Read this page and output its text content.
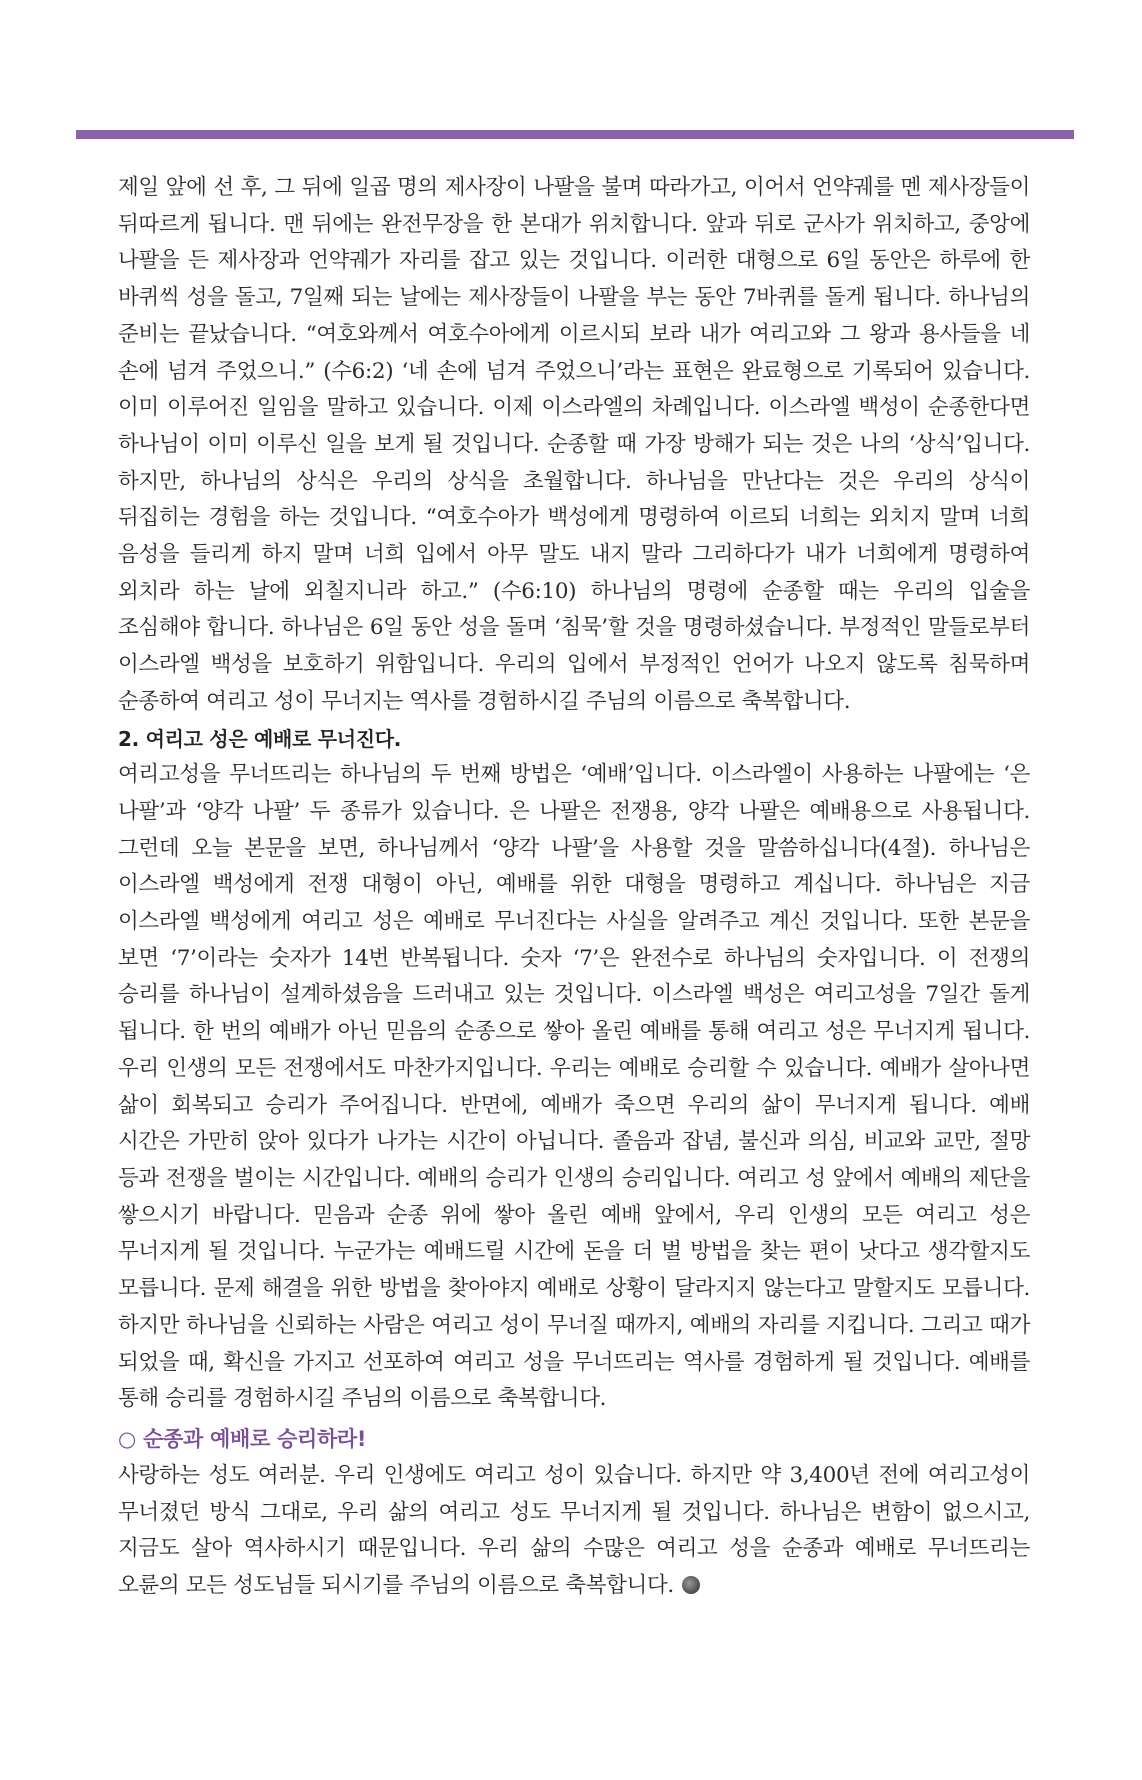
제일 앞에 선 후, 그 뒤에 일곱 명의 제사장이 나팔을 불며 따라가고, 이어서 언약궤를 멘 제사장들이 뒤따르게 됩니다. 맨 뒤에는 완전무장을 한 본대가 위치합니다. 앞과 뒤로 군사가 위치하고, 중앙에 나팔을 든 제사장과 언약궤가 자리를 잡고 있는 것입니다. 이러한 대형으로 6일 동안은 하루에 한 바퀴씩 성을 돌고, 7일째 되는 날에는 제사장들이 나팔을 부는 동안 7바퀴를 돌게 됩니다. 하나님의 준비는 끝났습니다. “여호와께서 여호수아에게 이르시되 보라 내가 여리고와 그 왕과 용사들을 네 손에 넘겨 주었으니.” (수6:2) ‘네 손에 넘겨 주었으니’라는 표현은 완료형으로 기록되어 있습니다. 이미 이루어진 일임을 말하고 있습니다. 이제 이스라엘의 차례입니다. 이스라엘 백성이 순종한다면 하나님이 이미 이루신 일을 보게 될 것입니다. 순종할 때 가장 방해가 되는 것은 나의 ‘상식’입니다. 하지만, 하나님의 상식은 우리의 상식을 초월합니다. 하나님을 만난다는 것은 우리의 상식이 뒤집히는 경험을 하는 것입니다. “여호수아가 백성에게 명령하여 이르되 너희는 외치지 말며 너희 음성을 들리게 하지 말며 너희 입에서 아무 말도 내지 말라 그리하다가 내가 너희에게 명령하여 외치라 하는 날에 외칠지니라 하고.” (수6:10) 하나님의 명령에 순종할 때는 우리의 입술을 조심해야 합니다. 하나님은 6일 동안 성을 돌며 ‘침묵’할 것을 명령하셨습니다. 부정적인 말들로부터 이스라엘 백성을 보호하기 위함입니다. 우리의 입에서 부정적인 언어가 나오지 않도록 침묵하며 순종하여 여리고 성이 무너지는 역사를 경험하시길 주님의 이름으로 축복합니다.

2. 여리고 성은 예배로 무너진다.

여리고성을 무너뜨리는 하나님의 두 번째 방법은 ‘예배’입니다. 이스라엘이 사용하는 나팔에는 ‘은 나팔’과 ‘양각 나팔’ 두 종류가 있습니다. 은 나팔은 전쟁용, 양각 나팔은 예배용으로 사용됩니다. 그런데 오늘 본문을 보면, 하나님께서 ‘양각 나팔’을 사용할 것을 말씀하십니다(4절). 하나님은 이스라엘 백성에게 전쟁 대형이 아닌, 예배를 위한 대형을 명령하고 계십니다. 하나님은 지금 이스라엘 백성에게 여리고 성은 예배로 무너진다는 사실을 알려주고 계신 것입니다. 또한 본문을 보면 ‘7’이라는 숫자가 14번 반복됩니다. 숫자 ‘7’은 완전수로 하나님의 숫자입니다. 이 전쟁의 승리를 하나님이 설계하셨음을 드러내고 있는 것입니다. 이스라엘 백성은 여리고성을 7일간 돌게 됩니다. 한 번의 예배가 아닌 믿음의 순종으로 쌓아 올린 예배를 통해 여리고 성은 무너지게 됩니다. 우리 인생의 모든 전쟁에서도 마찬가지입니다. 우리는 예배로 승리할 수 있습니다. 예배가 살아나면 삶이 회복되고 승리가 주어집니다. 반면에, 예배가 죽으면 우리의 삶이 무너지게 됩니다. 예배 시간은 가만히 앉아 있다가 나가는 시간이 아닙니다. 졸음과 잡념, 불신과 의심, 비교와 교만, 절망 등과 전쟁을 벌이는 시간입니다. 예배의 승리가 인생의 승리입니다. 여리고 성 앞에서 예배의 제단을 쌓으시기 바랍니다. 믿음과 순종 위에 쌓아 올린 예배 앞에서, 우리 인생의 모든 여리고 성은 무너지게 될 것입니다. 누군가는 예배드릴 시간에 돈을 더 벌 방법을 찾는 편이 낫다고 생각할지도 모릅니다. 문제 해결을 위한 방법을 찾아야지 예배로 상황이 달라지지 않는다고 말할지도 모릅니다. 하지만 하나님을 신뢰하는 사람은 여리고 성이 무너질 때까지, 예배의 자리를 지킵니다. 그리고 때가 되었을 때, 확신을 가지고 선포하여 여리고 성을 무너뜨리는 역사를 경험하게 될 것입니다. 예배를 통해 승리를 경험하시길 주님의 이름으로 축복합니다.

○ 순종과 예배로 승리하라!

사랑하는 성도 여러분. 우리 인생에도 여리고 성이 있습니다. 하지만 약 3,400년 전에 여리고성이 무너졌던 방식 그대로, 우리 삶의 여리고 성도 무너지게 될 것입니다. 하나님은 변함이 없으시고, 지금도 살아 역사하시기 때문입니다. 우리 삶의 수많은 여리고 성을 순종과 예배로 무너뜨리는 오륜의 모든 성도님들 되시기를 주님의 이름으로 축복합니다.
